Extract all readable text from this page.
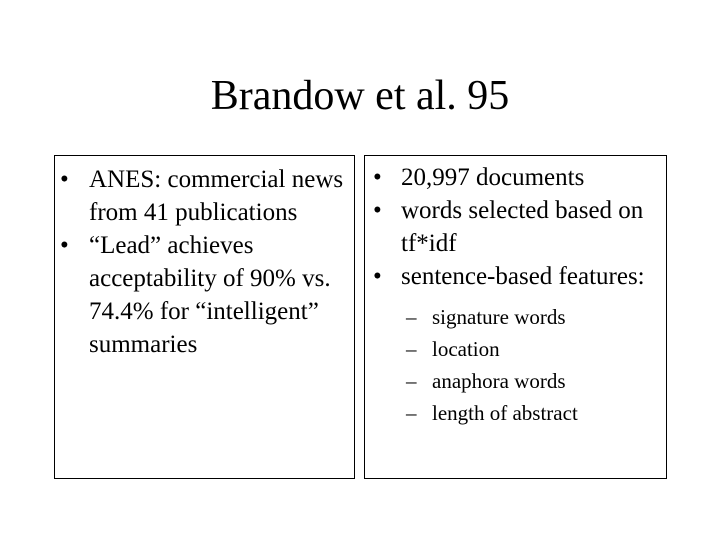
Brandow et al. 95
• ANES: commercial news from 41 publications
• “Lead” achieves acceptability of 90% vs. 74.4% for “intelligent” summaries
• 20,997 documents
• words selected based on tf*idf
• sentence-based features:
– signature words
– location
– anaphora words
– length of abstract
